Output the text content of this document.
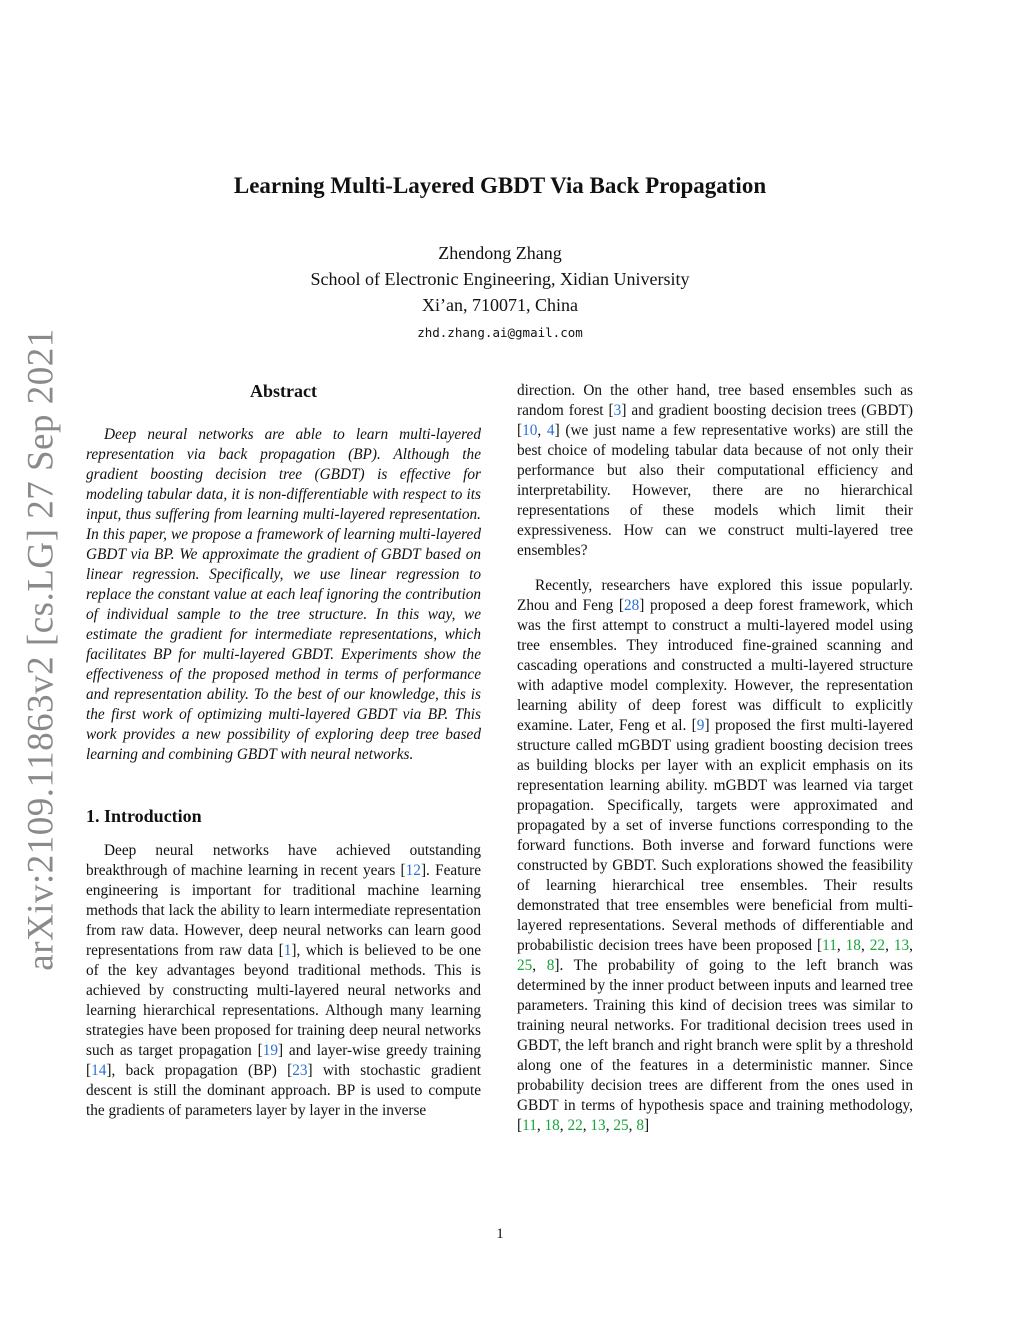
arXiv:2109.11863v2 [cs.LG] 27 Sep 2021
Learning Multi-Layered GBDT Via Back Propagation
Zhendong Zhang
School of Electronic Engineering, Xidian University
Xi’an, 710071, China
zhd.zhang.ai@gmail.com
Abstract

Deep neural networks are able to learn multi-layered representation via back propagation (BP). Although the gradient boosting decision tree (GBDT) is effective for modeling tabular data, it is non-differentiable with respect to its input, thus suffering from learning multi-layered representation. In this paper, we propose a framework of learning multi-layered GBDT via BP. We approximate the gradient of GBDT based on linear regression. Specifically, we use linear regression to replace the constant value at each leaf ignoring the contribution of individual sample to the tree structure. In this way, we estimate the gradient for intermediate representations, which facilitates BP for multi-layered GBDT. Experiments show the effectiveness of the proposed method in terms of performance and representation ability. To the best of our knowledge, this is the first work of optimizing multi-layered GBDT via BP. This work provides a new possibility of exploring deep tree based learning and combining GBDT with neural networks.

1. Introduction

Deep neural networks have achieved outstanding breakthrough of machine learning in recent years [12]. Feature engineering is important for traditional machine learning methods that lack the ability to learn intermediate representation from raw data. However, deep neural networks can learn good representations from raw data [1], which is believed to be one of the key advantages beyond traditional methods. This is achieved by constructing multi-layered neural networks and learning hierarchical representations. Although many learning strategies have been proposed for training deep neural networks such as target propagation [19] and layer-wise greedy training [14], back propagation (BP) [23] with stochastic gradient descent is still the dominant approach. BP is used to compute the gradients of parameters layer by layer in the inverse

direction. On the other hand, tree based ensembles such as random forest [3] and gradient boosting decision trees (GBDT) [10, 4] (we just name a few representative works) are still the best choice of modeling tabular data because of not only their performance but also their computational efficiency and interpretability. However, there are no hierarchical representations of these models which limit their expressiveness. How can we construct multi-layered tree ensembles?

Recently, researchers have explored this issue popularly. Zhou and Feng [28] proposed a deep forest framework, which was the first attempt to construct a multi-layered model using tree ensembles. They introduced fine-grained scanning and cascading operations and constructed a multi-layered structure with adaptive model complexity. However, the representation learning ability of deep forest was difficult to explicitly examine. Later, Feng et al. [9] proposed the first multi-layered structure called mGBDT using gradient boosting decision trees as building blocks per layer with an explicit emphasis on its representation learning ability. mGBDT was learned via target propagation. Specifically, targets were approximated and propagated by a set of inverse functions corresponding to the forward functions. Both inverse and forward functions were constructed by GBDT. Such explorations showed the feasibility of learning hierarchical tree ensembles. Their results demonstrated that tree ensembles were beneficial from multi-layered representations. Several methods of differentiable and probabilistic decision trees have been proposed [11, 18, 22, 13, 25, 8]. The probability of going to the left branch was determined by the inner product between inputs and learned tree parameters. Training this kind of decision trees was similar to training neural networks. For traditional decision trees used in GBDT, the left branch and right branch were split by a threshold along one of the features in a deterministic manner. Since probability decision trees are different from the ones used in GBDT in terms of hypothesis space and training methodology, [11, 18, 22, 13, 25, 8]

1
